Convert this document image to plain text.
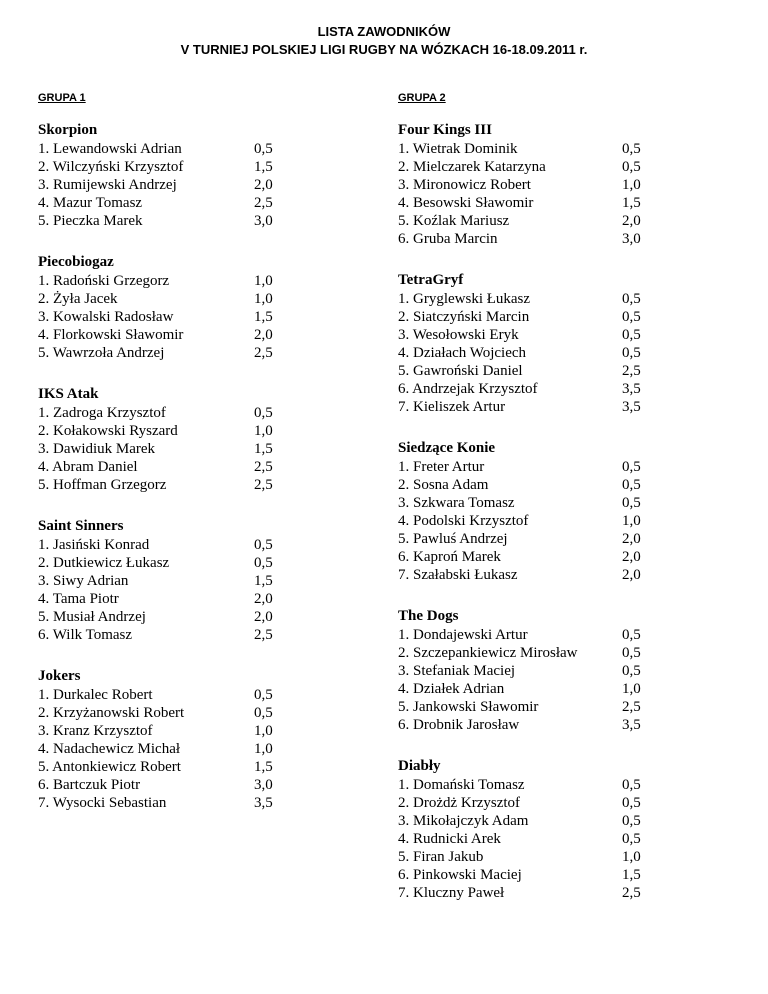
LISTA ZAWODNIKÓW
V TURNIEJ POLSKIEJ LIGI RUGBY NA WÓZKACH 16-18.09.2011 r.
GRUPA 1	GRUPA 2
Skorpion
1. Lewandowski Adrian	0,5
2. Wilczyński Krzysztof	1,5
3. Rumijewski Andrzej	2,0
4. Mazur Tomasz	2,5
5. Pieczka Marek	3,0
Piecobiogaz
1. Radoński Grzegorz	1,0
2. Żyła Jacek	1,0
3. Kowalski Radosław	1,5
4. Florkowski Sławomir	2,0
5. Wawrzoła Andrzej	2,5
IKS Atak
1. Zadroga Krzysztof	0,5
2. Kołakowski Ryszard	1,0
3. Dawidiuk Marek	1,5
4. Abram Daniel	2,5
5. Hoffman Grzegorz	2,5
Saint Sinners
1. Jasiński Konrad	0,5
2. Dutkiewicz Łukasz	0,5
3. Siwy Adrian	1,5
4. Tama Piotr	2,0
5. Musiał Andrzej	2,0
6. Wilk Tomasz	2,5
Jokers
1. Durkalec Robert	0,5
2. Krzyżanowski Robert	0,5
3. Kranz Krzysztof	1,0
4. Nadachewicz Michał	1,0
5. Antonkiewicz Robert	1,5
6. Bartczuk Piotr	3,0
7. Wysocki Sebastian	3,5
Four Kings III
1. Wietrak Dominik	0,5
2. Mielczarek Katarzyna	0,5
3. Mironowicz Robert	1,0
4. Besowski Sławomir	1,5
5. Koźlak Mariusz	2,0
6. Gruba Marcin	3,0
TetraGryf
1. Gryglewski Łukasz	0,5
2. Siatczyński Marcin	0,5
3. Wesołowski Eryk	0,5
4. Działach Wojciech	0,5
5. Gawroński Daniel	2,5
6. Andrzejak Krzysztof	3,5
7. Kieliszek Artur	3,5
Siedzące Konie
1. Freter Artur	0,5
2. Sosna Adam	0,5
3. Szkwara Tomasz	0,5
4. Podolski Krzysztof	1,0
5. Pawluś Andrzej	2,0
6. Kaproń Marek	2,0
7. Szałabski Łukasz	2,0
The Dogs
1. Dondajewski Artur	0,5
2. Szczepankiewicz Mirosław	0,5
3. Stefaniak Maciej	0,5
4. Działek Adrian	1,0
5. Jankowski Sławomir	2,5
6. Drobnik Jarosław	3,5
Diabły
1. Domański Tomasz	0,5
2. Drożdż Krzysztof	0,5
3. Mikołajczyk Adam	0,5
4. Rudnicki Arek	0,5
5. Firan Jakub	1,0
6. Pinkowski Maciej	1,5
7. Kluczny Paweł	2,5
